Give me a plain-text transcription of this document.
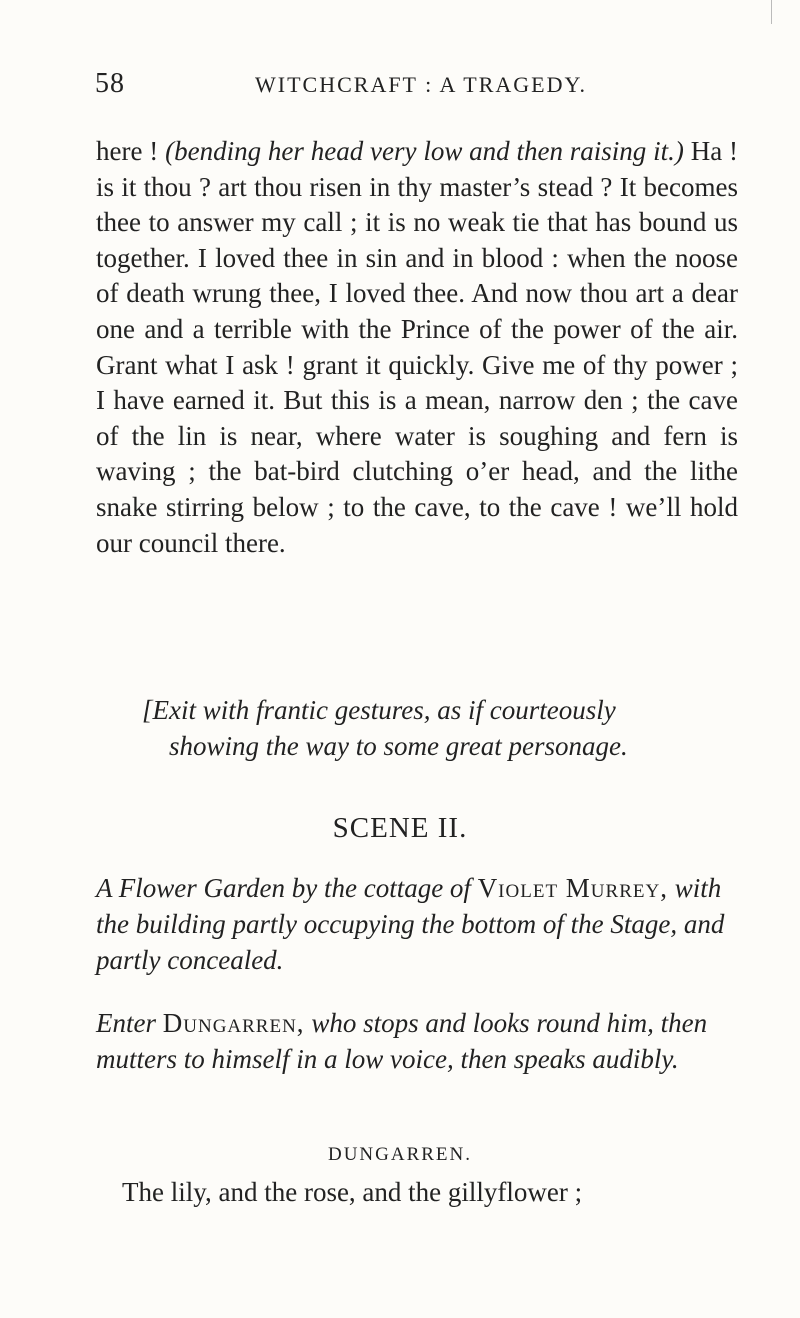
58	WITCHCRAFT : A TRAGEDY.

here ! (bending her head very low and then raising it.) Ha ! is it thou ? art thou risen in thy master’s stead ? It becomes thee to answer my call ; it is no weak tie that has bound us together. I loved thee in sin and in blood : when the noose of death wrung thee, I loved thee. And now thou art a dear one and a terrible with the Prince of the power of the air. Grant what I ask ! grant it quickly. Give me of thy power ; I have earned it. But this is a mean, narrow den ; the cave of the lin is near, where water is soughing and fern is waving ; the bat-bird clutching o’er head, and the lithe snake stirring below ; to the cave, to the cave ! we’ll hold our council there.

[Exit with frantic gestures, as if courteously
showing the way to some great personage.
SCENE II.
A Flower Garden by the cottage of Violet Murrey, with the building partly occupying the bottom of the Stage, and partly concealed.
Enter Dungarren, who stops and looks round him, then mutters to himself in a low voice, then speaks audibly.
DUNGARREN.
The lily, and the rose, and the gillyflower ;
